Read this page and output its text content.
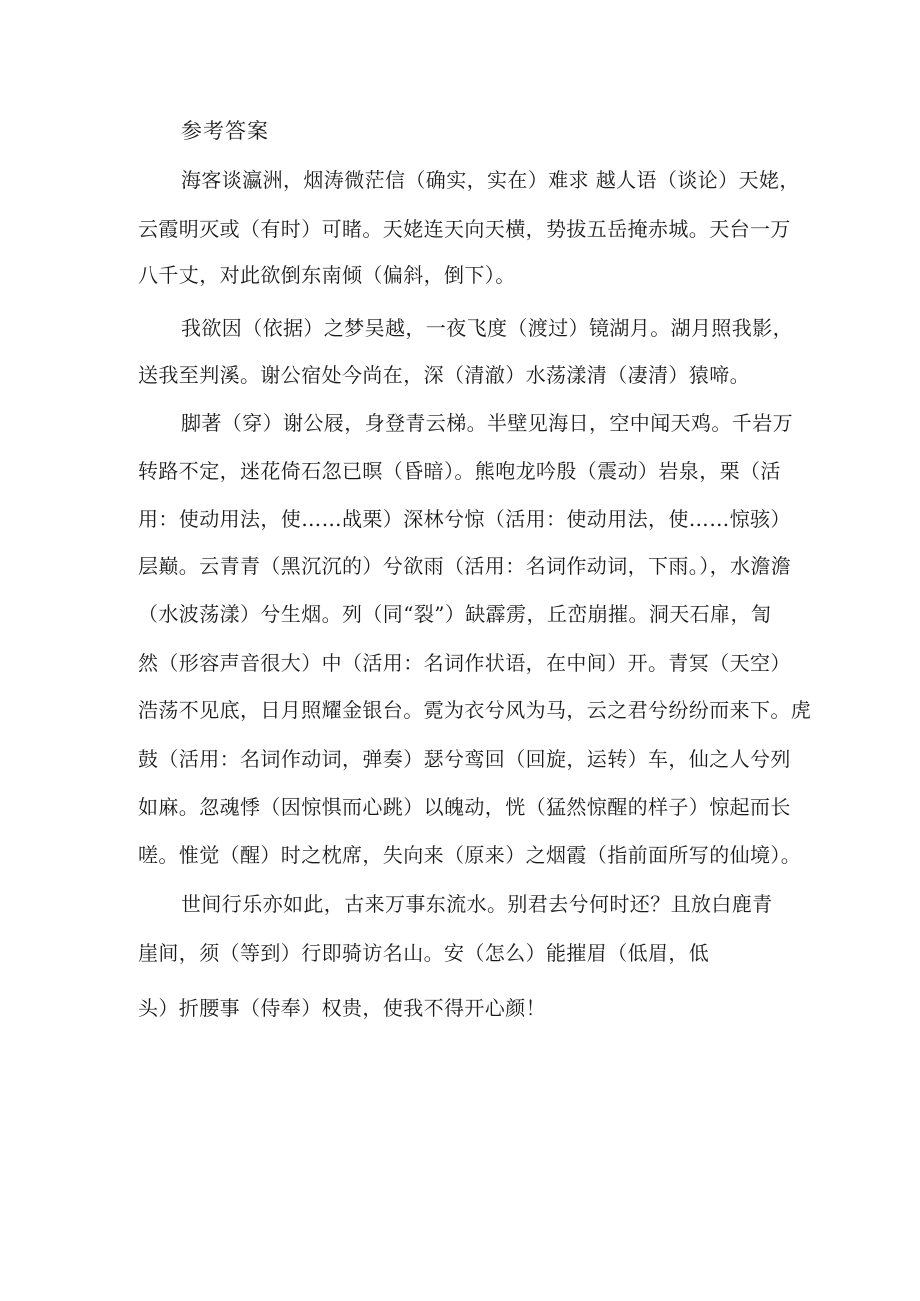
参考答案
海客谈瀛洲，烟涛微茫信（确实，实在）难求 越人语（谈论）天姥，
云霞明灭或（有时）可睹。天姥连天向天横，势拔五岳掩赤城。天台一万
八千丈，对此欲倒东南倾（偏斜，倒下）。
我欲因（依据）之梦吴越，一夜飞度（渡过）镜湖月。湖月照我影，
送我至判溪。谢公宿处今尚在，深（清澈）水荡漾清（凄清）猿啼。
脚著（穿）谢公屐，身登青云梯。半壁见海日，空中闻天鸡。千岩万
转路不定，迷花倚石忽已暝（昏暗）。熊咆龙吟殷（震动）岩泉，栗（活
用：使动用法，使……战栗）深林兮惊（活用：使动用法，使……惊骇）
层巅。云青青（黑沉沉的）兮欲雨（活用：名词作动词，下雨。），水澹澹
（水波荡漾）兮生烟。列（同“裂”）缺霹雳，丘峦崩摧。洞天石扉，訇
然（形容声音很大）中（活用：名词作状语，在中间）开。青冥（天空）
浩荡不见底，日月照耀金银台。霓为衣兮风为马，云之君兮纷纷而来下。虎
鼓（活用：名词作动词，弹奏）瑟兮鸾回（回旋，运转）车，仙之人兮列
如麻。忽魂悸（因惊惧而心跳）以魄动，恍（猛然惊醒的样子）惊起而长
嗟。惟觉（醒）时之枕席，失向来（原来）之烟霞（指前面所写的仙境）。
世间行乐亦如此，古来万事东流水。别君去兮何时还？且放白鹿青
崖间，须（等到）行即骑访名山。安（怎么）能摧眉（低眉，低
头）折腰事（侍奉）权贵，使我不得开心颜！
